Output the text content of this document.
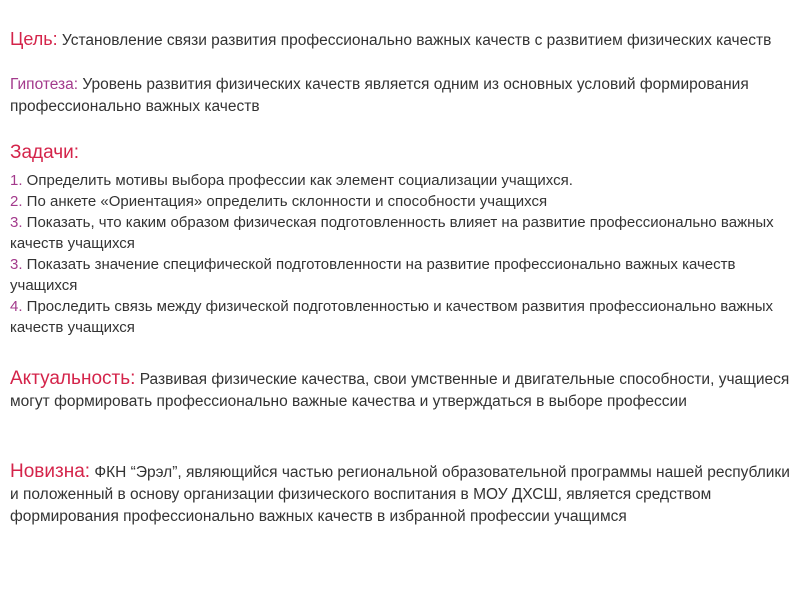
Цель: Установление связи развития профессионально важных качеств с развитием физических качеств
Гипотеза: Уровень развития физических качеств является одним из основных условий формирования профессионально важных качеств
Задачи:
1. Определить мотивы выбора профессии как элемент социализации учащихся.
2. По анкете «Ориентация» определить склонности и способности учащихся
3. Показать, что каким образом физическая подготовленность влияет на развитие профессионально важных качеств учащихся
3. Показать значение специфической подготовленности на развитие профессионально важных качеств учащихся
4. Проследить связь между физической подготовленностью и качеством развития профессионально важных качеств учащихся
Актуальность: Развивая физические качества, свои умственные и двигательные способности, учащиеся могут формировать профессионально важные качества и утверждаться в выборе профессии
Новизна: ФКН “Эрэл”, являющийся частью региональной образовательной программы нашей республики и положенный в основу организации физического воспитания в МОУ ДХСШ, является средством формирования профессионально важных качеств в избранной профессии учащимся
